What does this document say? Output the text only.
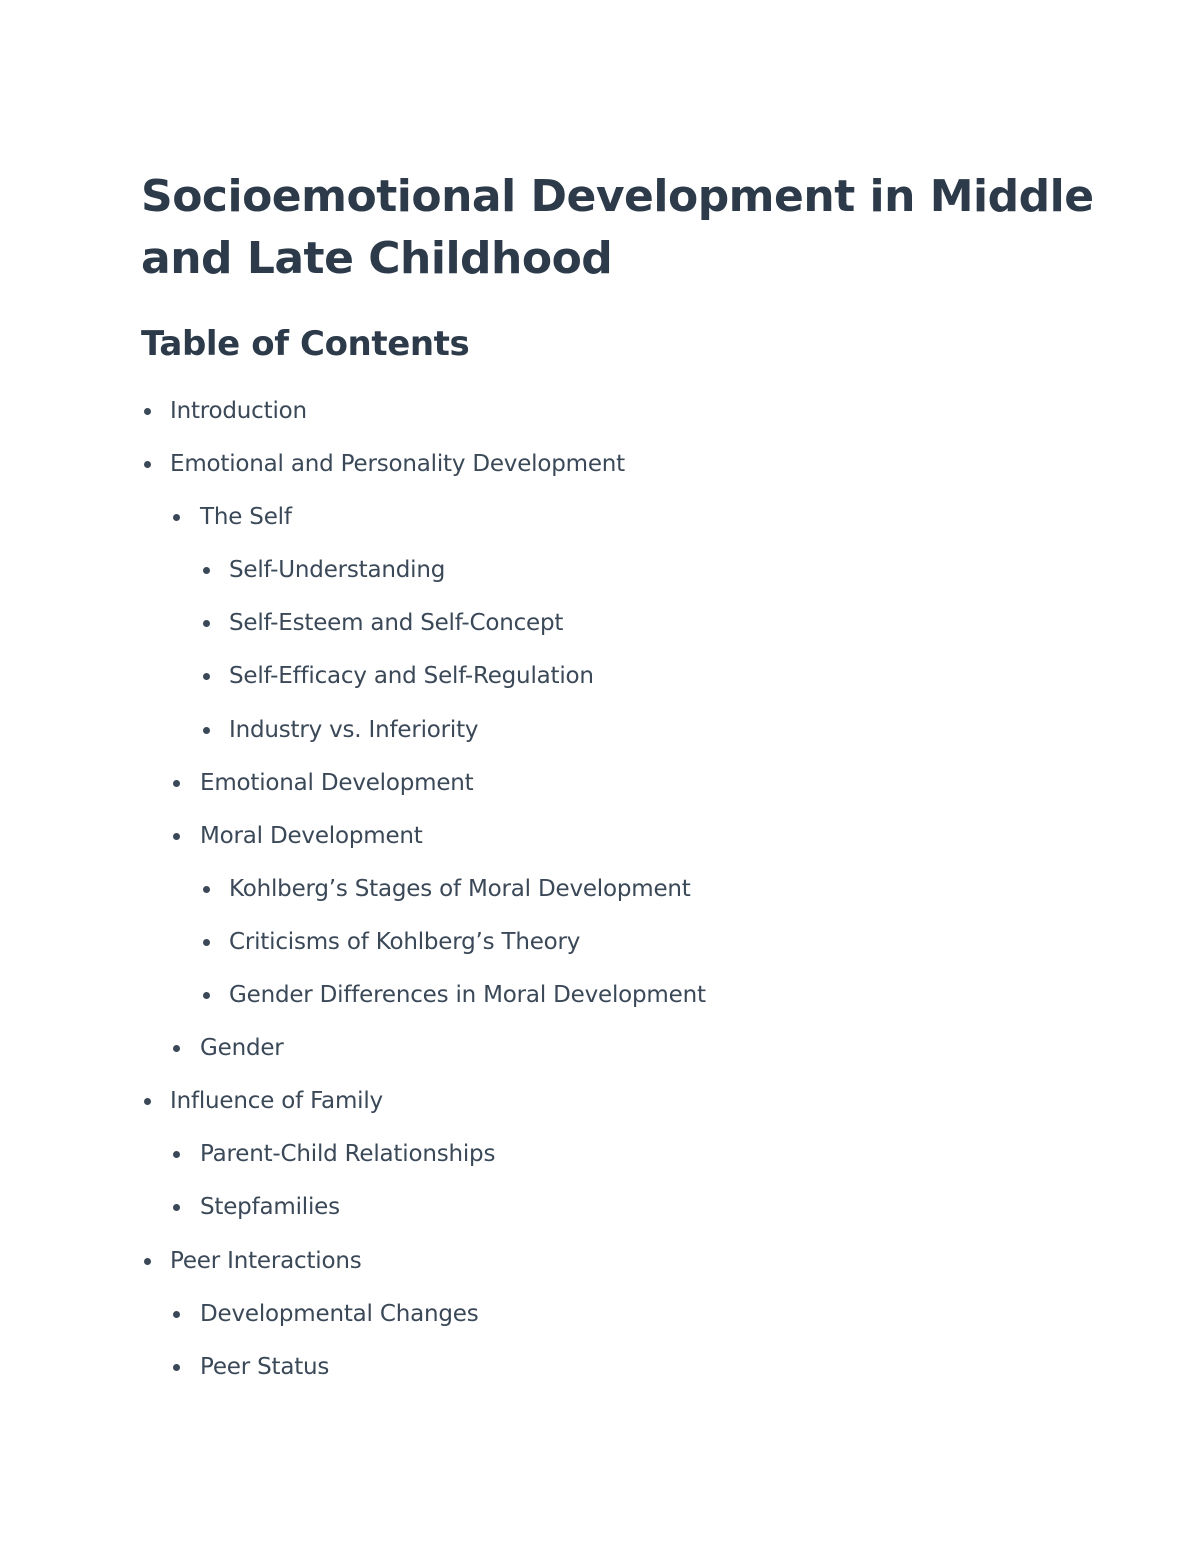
Socioemotional Development in Middle and Late Childhood
Table of Contents
Introduction
Emotional and Personality Development
The Self
Self-Understanding
Self-Esteem and Self-Concept
Self-Efficacy and Self-Regulation
Industry vs. Inferiority
Emotional Development
Moral Development
Kohlberg’s Stages of Moral Development
Criticisms of Kohlberg’s Theory
Gender Differences in Moral Development
Gender
Influence of Family
Parent-Child Relationships
Stepfamilies
Peer Interactions
Developmental Changes
Peer Status
